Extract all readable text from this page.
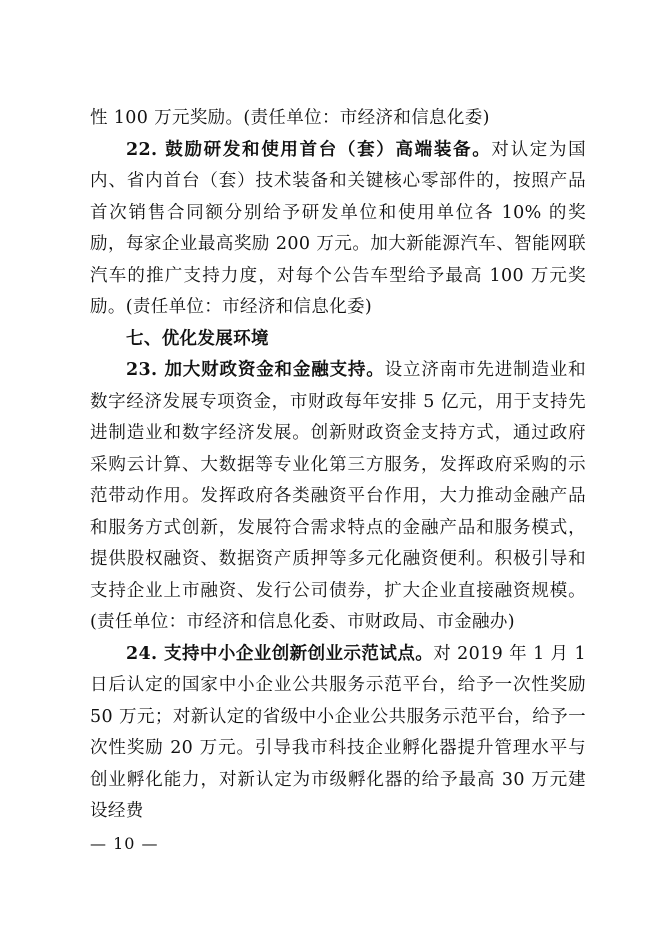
性 100 万元奖励。(责任单位：市经济和信息化委)

22. 鼓励研发和使用首台（套）高端装备。对认定为国内、省内首台（套）技术装备和关键核心零部件的，按照产品首次销售合同额分别给予研发单位和使用单位各 10% 的奖励，每家企业最高奖励 200 万元。加大新能源汽车、智能网联汽车的推广支持力度，对每个公告车型给予最高 100 万元奖励。(责任单位：市经济和信息化委)

七、优化发展环境

23. 加大财政资金和金融支持。设立济南市先进制造业和数字经济发展专项资金，市财政每年安排 5 亿元，用于支持先进制造业和数字经济发展。创新财政资金支持方式，通过政府采购云计算、大数据等专业化第三方服务，发挥政府采购的示范带动作用。发挥政府各类融资平台作用，大力推动金融产品和服务方式创新，发展符合需求特点的金融产品和服务模式，提供股权融资、数据资产质押等多元化融资便利。积极引导和支持企业上市融资、发行公司债券，扩大企业直接融资规模。(责任单位：市经济和信息化委、市财政局、市金融办)

24. 支持中小企业创新创业示范试点。对 2019 年 1 月 1 日后认定的国家中小企业公共服务示范平台，给予一次性奖励 50 万元；对新认定的省级中小企业公共服务示范平台，给予一次性奖励 20 万元。引导我市科技企业孵化器提升管理水平与创业孵化能力，对新认定为市级孵化器的给予最高 30 万元建设经费

— 10 —
